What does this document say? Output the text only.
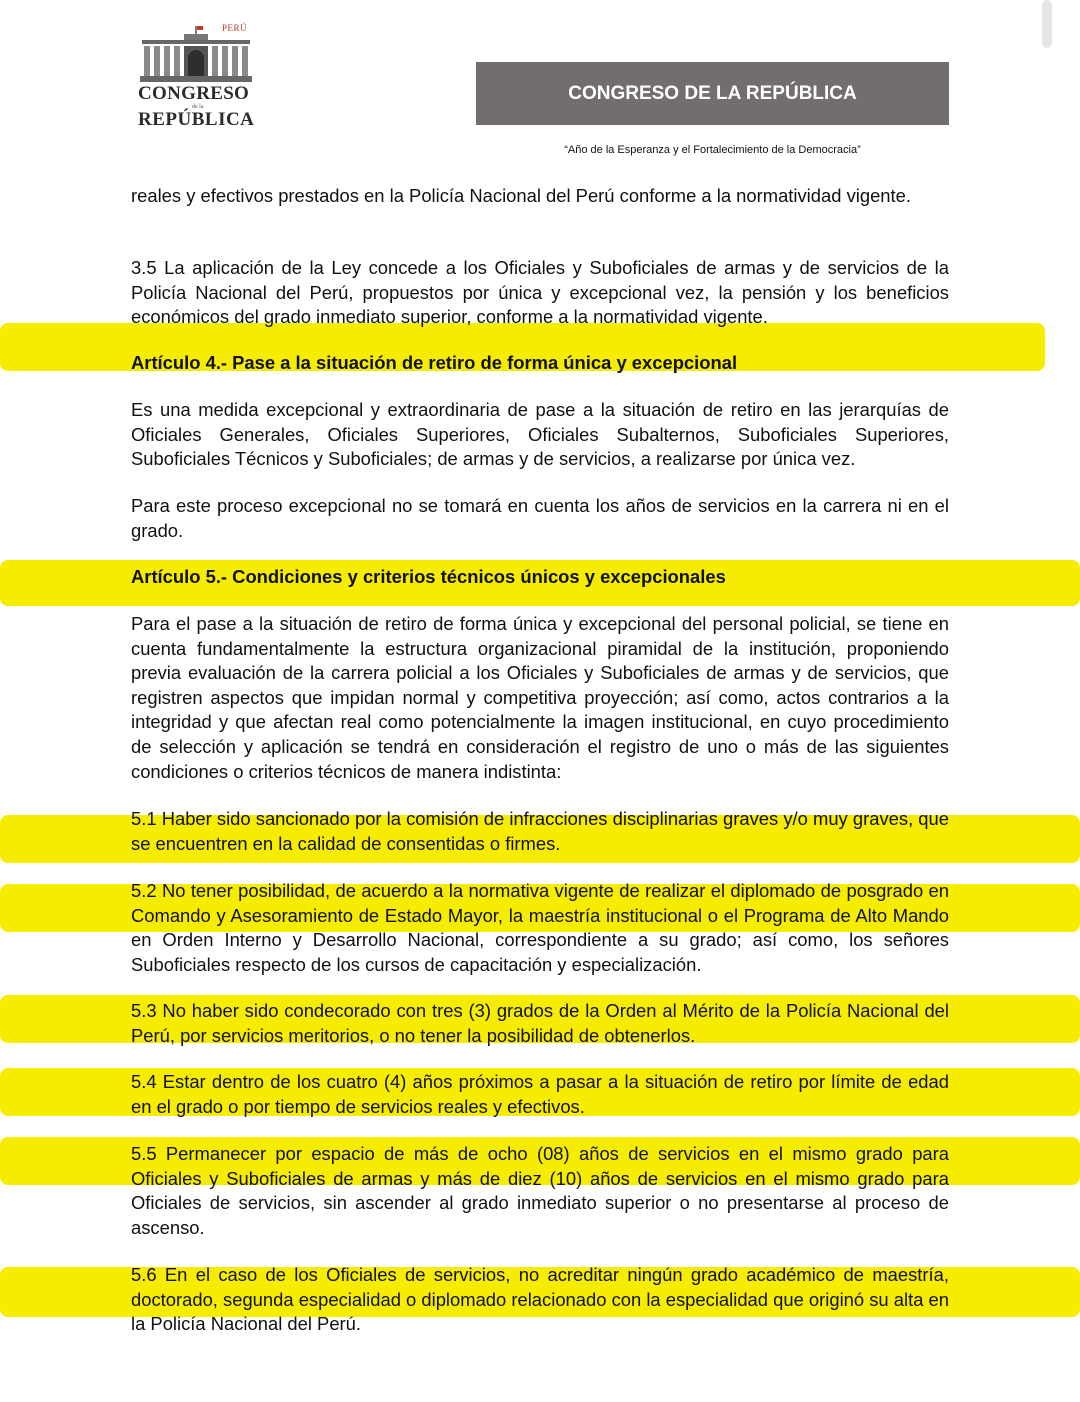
PERÚ
CONGRESO
de la
REPÚBLICA
CONGRESO DE LA REPÚBLICA
“Año de la Esperanza y el Fortalecimiento de la Democracia”
reales y efectivos prestados en la Policía Nacional del Perú conforme a la normatividad vigente.
3.5 La aplicación de la Ley concede a los Oficiales y Suboficiales de armas y de servicios de la Policía Nacional del Perú, propuestos por única y excepcional vez, la pensión y los beneficios económicos del grado inmediato superior, conforme a la normatividad vigente.
Artículo 4.- Pase a la situación de retiro de forma única y excepcional
Es una medida excepcional y extraordinaria de pase a la situación de retiro en las jerarquías de Oficiales Generales, Oficiales Superiores, Oficiales Subalternos, Suboficiales Superiores, Suboficiales Técnicos y Suboficiales; de armas y de servicios, a realizarse por única vez.
Para este proceso excepcional no se tomará en cuenta los años de servicios en la carrera ni en el grado.
Artículo 5.- Condiciones y criterios técnicos únicos y excepcionales
Para el pase a la situación de retiro de forma única y excepcional del personal policial, se tiene en cuenta fundamentalmente la estructura organizacional piramidal de la institución, proponiendo previa evaluación de la carrera policial a los Oficiales y Suboficiales de armas y de servicios, que registren aspectos que impidan normal y competitiva proyección; así como, actos contrarios a la integridad y que afectan real como potencialmente la imagen institucional, en cuyo procedimiento de selección y aplicación se tendrá en consideración el registro de uno o más de las siguientes condiciones o criterios técnicos de manera indistinta:
5.1 Haber sido sancionado por la comisión de infracciones disciplinarias graves y/o muy graves, que se encuentren en la calidad de consentidas o firmes.
5.2 No tener posibilidad, de acuerdo a la normativa vigente de realizar el diplomado de posgrado en Comando y Asesoramiento de Estado Mayor, la maestría institucional o el Programa de Alto Mando en Orden Interno y Desarrollo Nacional, correspondiente a su grado; así como, los señores Suboficiales respecto de los cursos de capacitación y especialización.
5.3 No haber sido condecorado con tres (3) grados de la Orden al Mérito de la Policía Nacional del Perú, por servicios meritorios, o no tener la posibilidad de obtenerlos.
5.4 Estar dentro de los cuatro (4) años próximos a pasar a la situación de retiro por límite de edad en el grado o por tiempo de servicios reales y efectivos.
5.5 Permanecer por espacio de más de ocho (08) años de servicios en el mismo grado para Oficiales y Suboficiales de armas y más de diez (10) años de servicios en el mismo grado para Oficiales de servicios, sin ascender al grado inmediato superior o no presentarse al proceso de ascenso.
5.6 En el caso de los Oficiales de servicios, no acreditar ningún grado académico de maestría, doctorado, segunda especialidad o diplomado relacionado con la especialidad que originó su alta en la Policía Nacional del Perú.
